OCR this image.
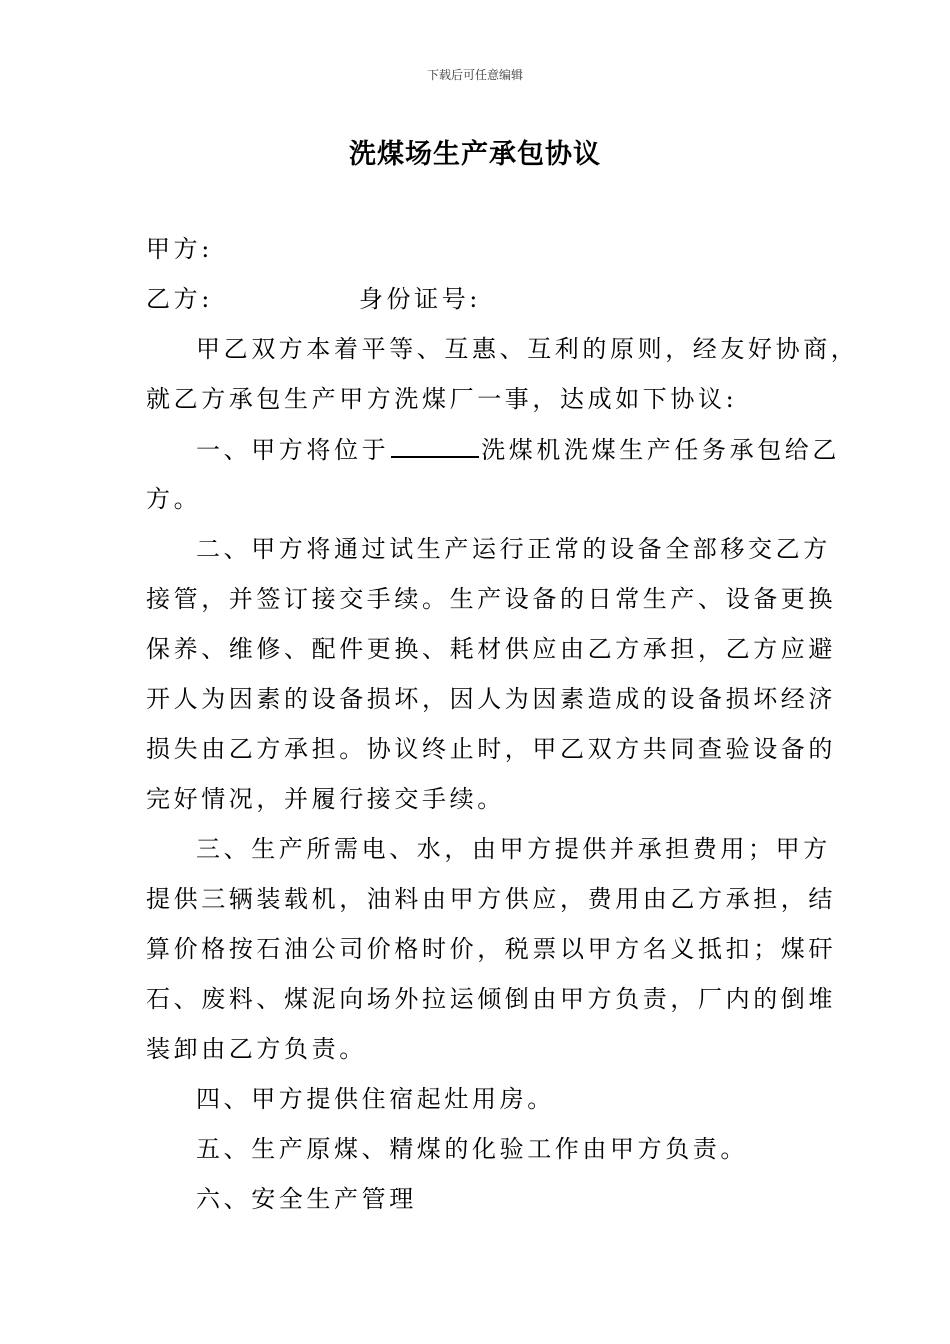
下载后可任意编辑
洗煤场生产承包协议
甲方:
乙方:	身份证号:
甲乙双方本着平等、互惠、互利的原则，经友好协商，
就乙方承包生产甲方洗煤厂一事，达成如下协议:
一、甲方将位于	洗煤机洗煤生产任务承包给乙
方。
二、甲方将通过试生产运行正常的设备全部移交乙方
接管，并签订接交手续。生产设备的日常生产、设备更换
保养、维修、配件更换、耗材供应由乙方承担，乙方应避
开人为因素的设备损坏，因人为因素造成的设备损坏经济
损失由乙方承担。协议终止时，甲乙双方共同查验设备的
完好情况，并履行接交手续。
三、生产所需电、水，由甲方提供并承担费用；甲方
提供三辆装载机，油料由甲方供应，费用由乙方承担，结
算价格按石油公司价格时价，税票以甲方名义抵扣；煤矸
石、废料、煤泥向场外拉运倾倒由甲方负责，厂内的倒堆
装卸由乙方负责。
四、甲方提供住宿起灶用房。
五、生产原煤、精煤的化验工作由甲方负责。
六、安全生产管理
